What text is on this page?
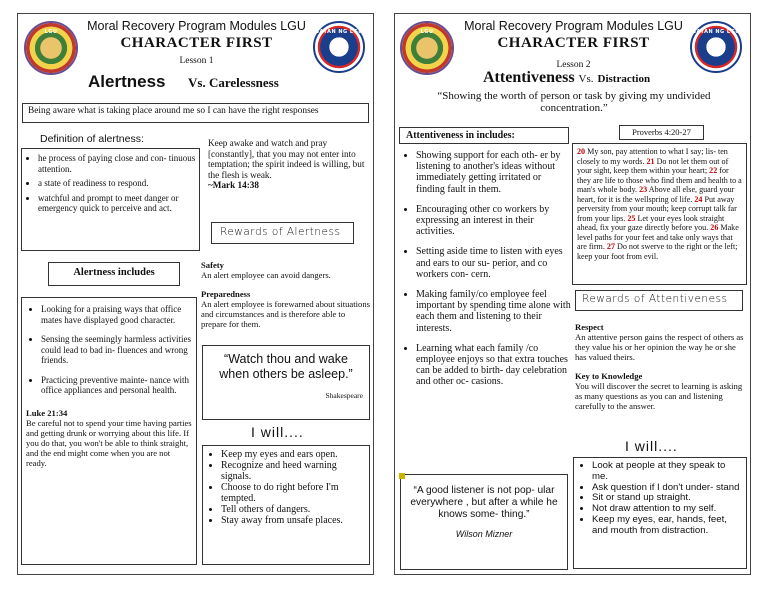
LGU	BAYAN NG LGU
Moral Recovery Program Modules LGU
CHARACTER FIRST
Lesson 1
Alertness Vs. Carelessness
Being aware what is taking place around me so I can have the right responses
Definition of alertness:
• he process of paying close and con- tinuous attention.
• a state of readiness to respond.
• watchful and prompt to meet danger or emergency quick to perceive and act.
Keep awake and watch and pray [constantly], that you may not enter into temptation; the spirit indeed is willing, but the flesh is weak.
~Mark 14:38
Rewards of Alertness
Safety
An alert employee can avoid dangers.
Preparedness
An alert employee is forewarned about situations and circumstances and is therefore able to prepare for them.
Alertness includes
• Looking for a praising ways that office mates have displayed good character.
• Sensing the seemingly harmless activities could lead to bad in- fluences and wrong friends.
• Practicing preventive mainte- nance with office appliances and personal health.
Luke 21:34
Be careful not to spend your time having parties and getting drunk or worrying about this life. If you do that, you won't be able to think straight, and the end might come when you are not ready.
“Watch thou and wake when others be asleep.”
Shakespeare
I will....
• Keep my eyes and ears open.
• Recognize and heed warning signals.
• Choose to do right before I'm tempted.
• Tell others of dangers.
• Stay away from unsafe places.
LGU	BAYAN NG LGU
Moral Recovery Program Modules LGU
CHARACTER FIRST
Lesson 2
Attentiveness Vs. Distraction
“Showing the worth of person or task by giving my undivided concentration.”
Attentiveness in includes:
• Showing support for each oth- er by listening to another's ideas without immediately getting irritated or finding fault in them.
• Encouraging other co workers by expressing an interest in their activities.
• Setting aside time to listen with eyes and ears to our su- perior, and co workers con- cern.
• Making family/co employee feel important by spending time alone with each them and listening to their interests.
• Learning what each family /co employee enjoys so that extra touches can be added to birth- day celebration and other oc- casions.
Proverbs 4:20-27
20 My son, pay attention to what I say; lis- ten closely to my words. 21 Do not let them out of your sight, keep them within your heart; 22 for they are life to those who find them and health to a man's whole body. 23 Above all else, guard your heart, for it is the wellspring of life. 24 Put away perversity from your mouth; keep corrupt talk far from your lips. 25 Let your eyes look straight ahead, fix your gaze directly before you. 26 Make level paths for your feet and take only ways that are firm. 27 Do not swerve to the right or the left; keep your foot from evil.
Rewards of Attentiveness
Respect
An attentive person gains the respect of others as they value his or her opinion the way he or she has valued theirs.
Key to Knowledge
You will discover the secret to learning is asking as many questions as you can and listening carefully to the answer.
I will....
• Look at people at they speak to me.
• Ask question if I don't under- stand
• Sit or stand up straight.
• Not draw attention to my self.
• Keep my eyes, ear, hands, feet, and mouth from distraction.
“A good listener is not pop- ular everywhere , but after a while he knows some- thing.”
Wilson Mizner
